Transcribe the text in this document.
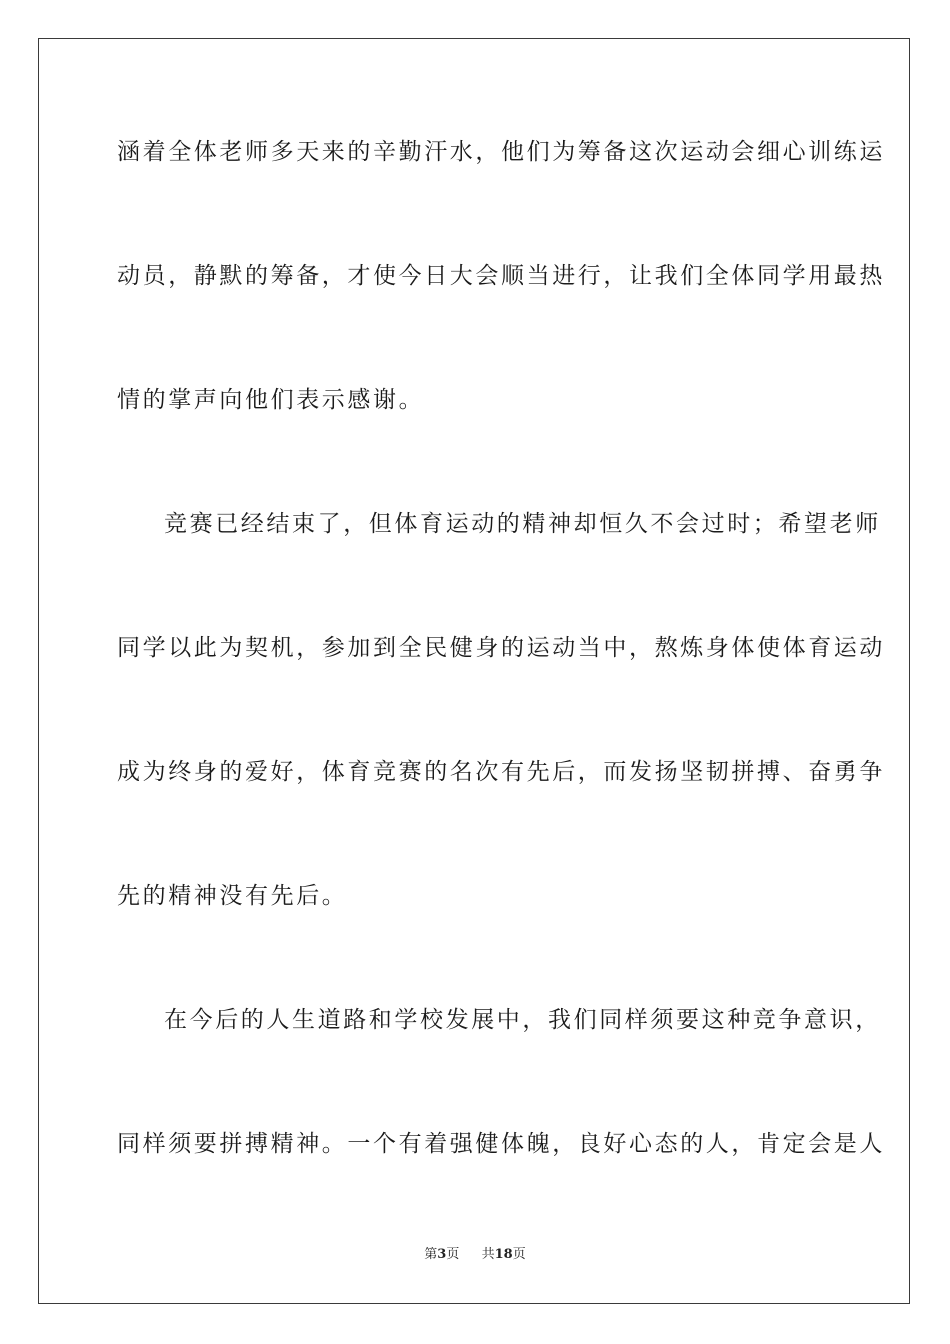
涵着全体老师多天来的辛勤汗水，他们为筹备这次运动会细心训练运
动员，静默的筹备，才使今日大会顺当进行，让我们全体同学用最热
情的掌声向他们表示感谢。
竞赛已经结束了，但体育运动的精神却恒久不会过时；希望老师
同学以此为契机，参加到全民健身的运动当中，熬炼身体使体育运动
成为终身的爱好，体育竞赛的名次有先后，而发扬坚韧拼搏、奋勇争
先的精神没有先后。
在今后的人生道路和学校发展中，我们同样须要这种竞争意识，
同样须要拼搏精神。一个有着强健体魄，良好心态的人，肯定会是人
第3页 共18页
